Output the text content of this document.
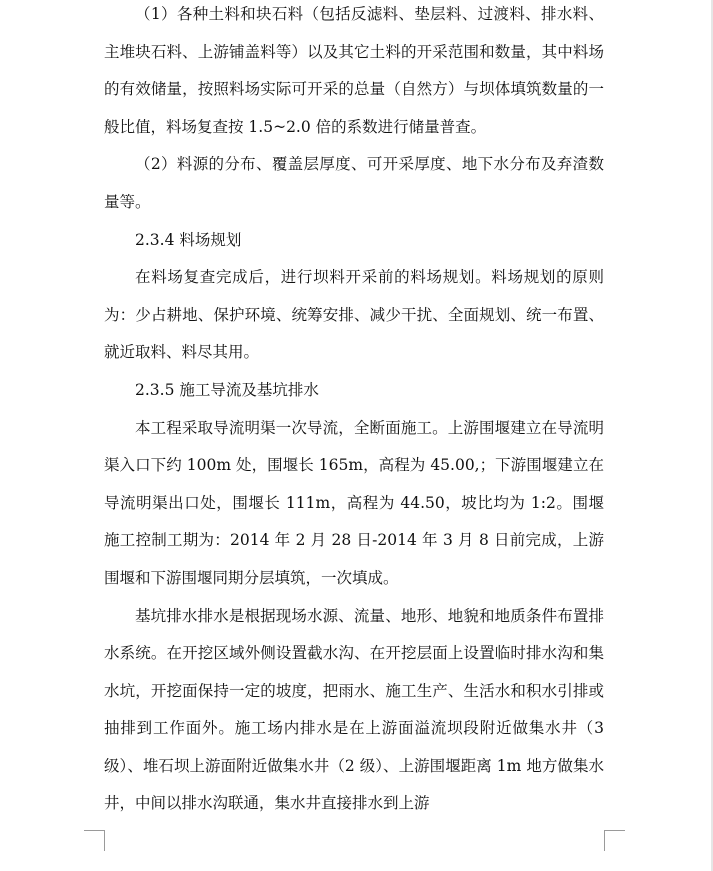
（1）各种土料和块石料（包括反滤料、垫层料、过渡料、排水料、主堆块石料、上游铺盖料等）以及其它土料的开采范围和数量，其中料场的有效储量，按照料场实际可开采的总量（自然方）与坝体填筑数量的一般比值，料场复查按 1.5~2.0 倍的系数进行储量普查。

（2）料源的分布、覆盖层厚度、可开采厚度、地下水分布及弃渣数量等。

2.3.4 料场规划

在料场复查完成后，进行坝料开采前的料场规划。料场规划的原则为：少占耕地、保护环境、统筹安排、减少干扰、全面规划、统一布置、就近取料、料尽其用。

2.3.5 施工导流及基坑排水

本工程采取导流明渠一次导流，全断面施工。上游围堰建立在导流明渠入口下约 100m 处，围堰长 165m，高程为 45.00,；下游围堰建立在导流明渠出口处，围堰长 111m，高程为 44.50，坡比均为 1:2。围堰施工控制工期为：2014 年 2 月 28 日-2014 年 3 月 8 日前完成，上游围堰和下游围堰同期分层填筑，一次填成。

基坑排水排水是根据现场水源、流量、地形、地貌和地质条件布置排水系统。在开挖区域外侧设置截水沟、在开挖层面上设置临时排水沟和集水坑，开挖面保持一定的坡度，把雨水、施工生产、生活水和积水引排或抽排到工作面外。施工场内排水是在上游面溢流坝段附近做集水井（3 级）、堆石坝上游面附近做集水井（2 级）、上游围堰距离 1m 地方做集水井，中间以排水沟联通，集水井直接排水到上游
